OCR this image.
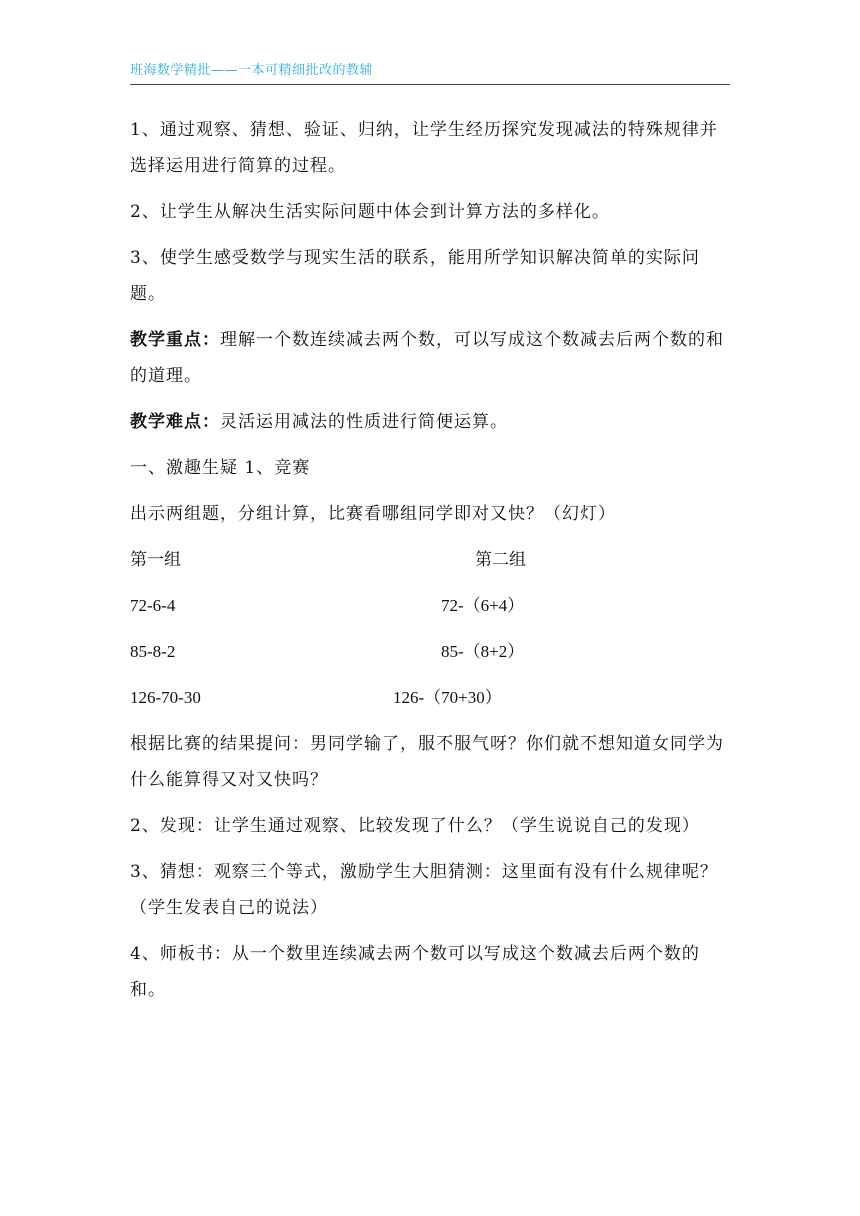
班海数学精批——一本可精细批改的教辅

1、通过观察、猜想、验证、归纳，让学生经历探究发现减法的特殊规律并选择运用进行简算的过程。

2、让学生从解决生活实际问题中体会到计算方法的多样化。

3、使学生感受数学与现实生活的联系，能用所学知识解决简单的实际问题。

教学重点：理解一个数连续减去两个数，可以写成这个数减去后两个数的和的道理。

教学难点：灵活运用减法的性质进行简便运算。

一、激趣生疑 1、竞赛

出示两组题，分组计算，比赛看哪组同学即对又快？（幻灯）

第一组	第二组
72-6-4	72-（6+4）
85-8-2	85-（8+2）
126-70-30	126-（70+30）

根据比赛的结果提问：男同学输了，服不服气呀？你们就不想知道女同学为什么能算得又对又快吗？

2、发现：让学生通过观察、比较发现了什么？（学生说说自己的发现）

3、猜想：观察三个等式，激励学生大胆猜测：这里面有没有什么规律呢？（学生发表自己的说法）

4、师板书：从一个数里连续减去两个数可以写成这个数减去后两个数的和。
